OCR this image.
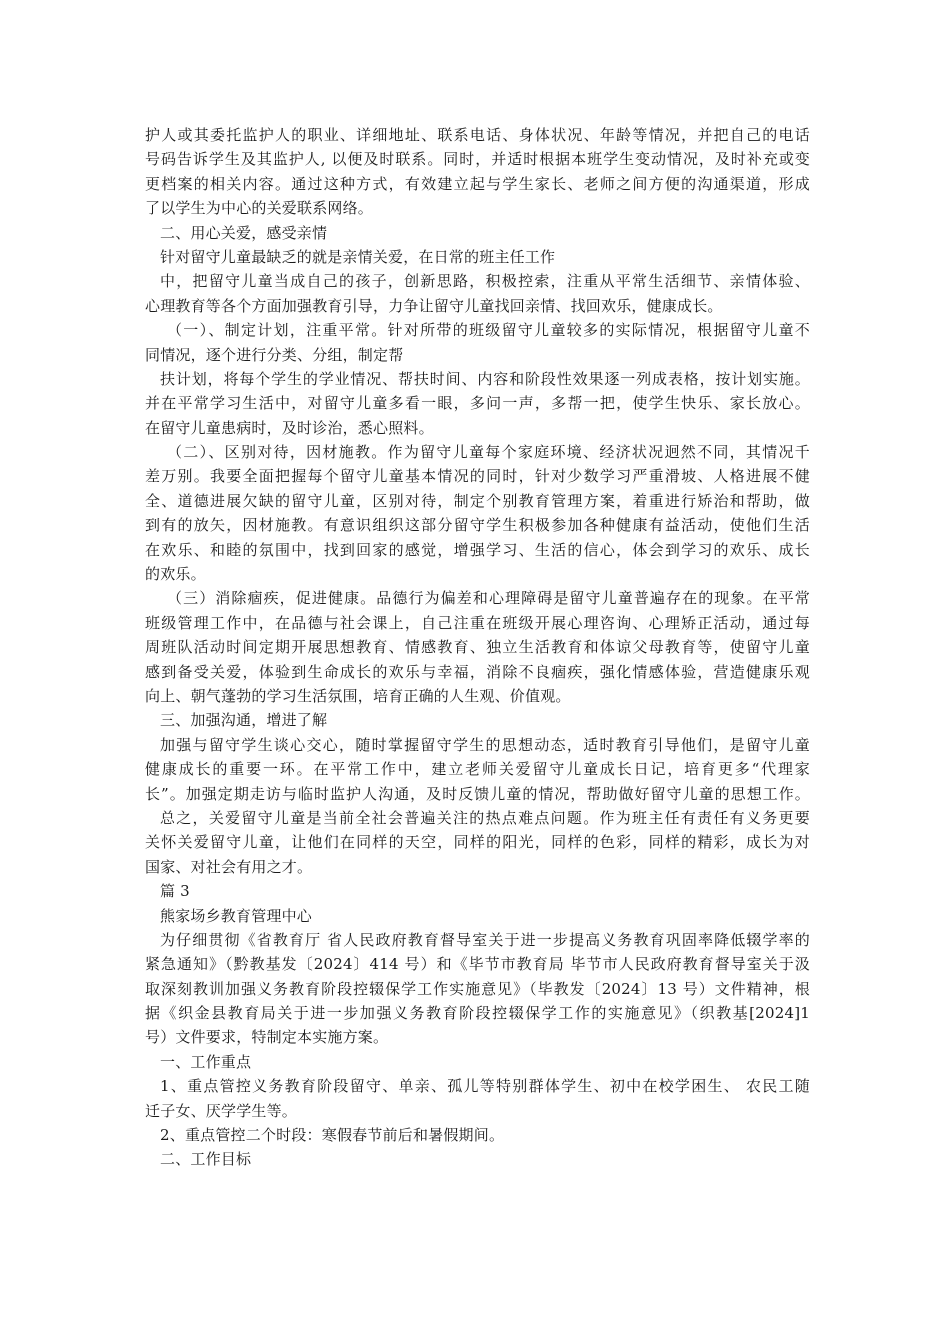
护人或其委托监护人的职业、详细地址、联系电话、身体状况、年龄等情况，并把自己的电话
号码告诉学生及其监护人, 以便及时联系。同时，并适时根据本班学生变动情况，及时补充或变
更档案的相关内容。通过这种方式，有效建立起与学生家长、老师之间方便的沟通渠道，形成
了以学生为中心的关爱联系网络。
二、用心关爱，感受亲情
针对留守儿童最缺乏的就是亲情关爱，在日常的班主任工作
中，把留守儿童当成自己的孩子，创新思路，积极控索，注重从平常生活细节、亲情体验、
心理教育等各个方面加强教育引导，力争让留守儿童找回亲情、找回欢乐，健康成长。
（一）、制定计划，注重平常。针对所带的班级留守儿童较多的实际情况，根据留守儿童不
同情况，逐个进行分类、分组，制定帮
扶计划，将每个学生的学业情况、帮扶时间、内容和阶段性效果逐一列成表格，按计划实施。
并在平常学习生活中，对留守儿童多看一眼，多问一声，多帮一把，使学生快乐、家长放心。
在留守儿童患病时，及时诊治，悉心照料。
（二）、区别对待，因材施教。作为留守儿童每个家庭环境、经济状况迥然不同，其情况千
差万别。我要全面把握每个留守儿童基本情况的同时，针对少数学习严重滑坡、人格进展不健
全、道德进展欠缺的留守儿童，区别对待，制定个别教育管理方案，着重进行矫治和帮助，做
到有的放矢，因材施教。有意识组织这部分留守学生积极参加各种健康有益活动，使他们生活
在欢乐、和睦的氛围中，找到回家的感觉，增强学习、生活的信心，体会到学习的欢乐、成长
的欢乐。
（三）消除痼疾，促进健康。品德行为偏差和心理障碍是留守儿童普遍存在的现象。在平常
班级管理工作中，在品德与社会课上，自己注重在班级开展心理咨询、心理矫正活动，通过每
周班队活动时间定期开展思想教育、情感教育、独立生活教育和体谅父母教育等，使留守儿童
感到备受关爱，体验到生命成长的欢乐与幸福，消除不良痼疾，强化情感体验，营造健康乐观
向上、朝气蓬勃的学习生活氛围，培育正确的人生观、价值观。
三、加强沟通，增进了解
加强与留守学生谈心交心，随时掌握留守学生的思想动态，适时教育引导他们，是留守儿童
健康成长的重要一环。在平常工作中，建立老师关爱留守儿童成长日记，培育更多“代理家
长”。加强定期走访与临时监护人沟通，及时反馈儿童的情况，帮助做好留守儿童的思想工作。
总之，关爱留守儿童是当前全社会普遍关注的热点难点问题。作为班主任有责任有义务更要
关怀关爱留守儿童，让他们在同样的天空，同样的阳光，同样的色彩，同样的精彩，成长为对
国家、对社会有用之才。
篇 3
熊家场乡教育管理中心
为仔细贯彻《省教育厅 省人民政府教育督导室关于进一步提高义务教育巩固率降低辍学率的
紧急通知》（黔教基发〔2024〕414 号）和《毕节市教育局 毕节市人民政府教育督导室关于汲
取深刻教训加强义务教育阶段控辍保学工作实施意见》（毕教发〔2024〕13 号）文件精神，根
据《织金县教育局关于进一步加强义务教育阶段控辍保学工作的实施意见》（织教基[2024]1
号）文件要求，特制定本实施方案。
一、工作重点
1、重点管控义务教育阶段留守、单亲、孤儿等特别群体学生、初中在校学困生、 农民工随
迁子女、厌学学生等。
2、重点管控二个时段：寒假春节前后和暑假期间。
二、工作目标
